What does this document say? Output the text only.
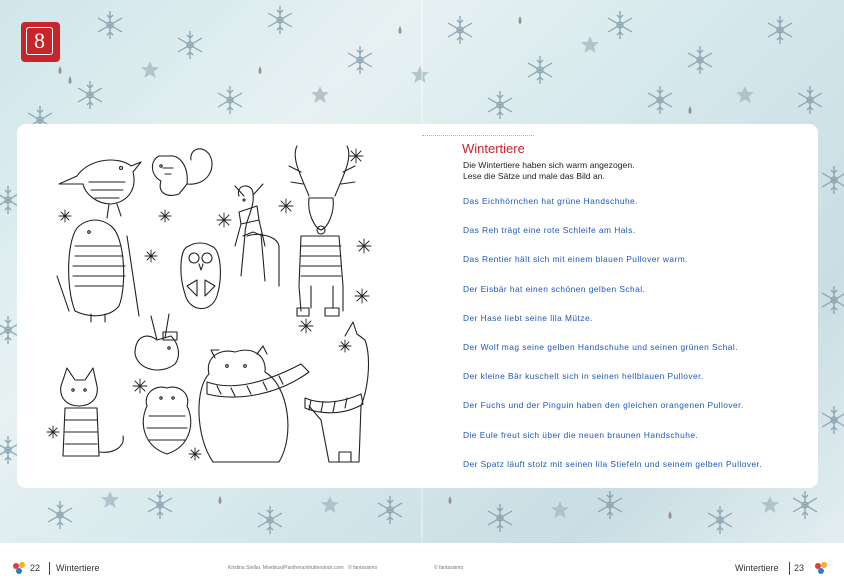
8
Wintertiere
Die Wintertiere haben sich warm angezogen.
Lese die Sätze und male das Bild an.
Das Eichhörnchen hat grüne Handschuhe.
Das Reh trägt eine rote Schleife am Hals.
Das Rentier hält sich mit einem blauen Pullover warm.
Der Eisbär hat einen schönen gelben Schal.
Der Hase liebt seine lila Mütze.
Der Wolf mag seine gelben Handschuhe und seinen grünen Schal.
Der kleine Bär kuschelt sich in seinen hellblauen Pullover.
Der Fuchs und der Pinguin haben den gleichen orangenen Pullover.
Die Eule freut sich über die neuen braunen Handschuhe.
Der Spatz läuft stolz mit seinen lila Stiefeln und seinem gelben Pullover.
22 Wintertiere	Kristina Stellar, Moebiusi/Panthera/shutterstock.com © fantassimo	© fantassimo	Wintertiere 23
